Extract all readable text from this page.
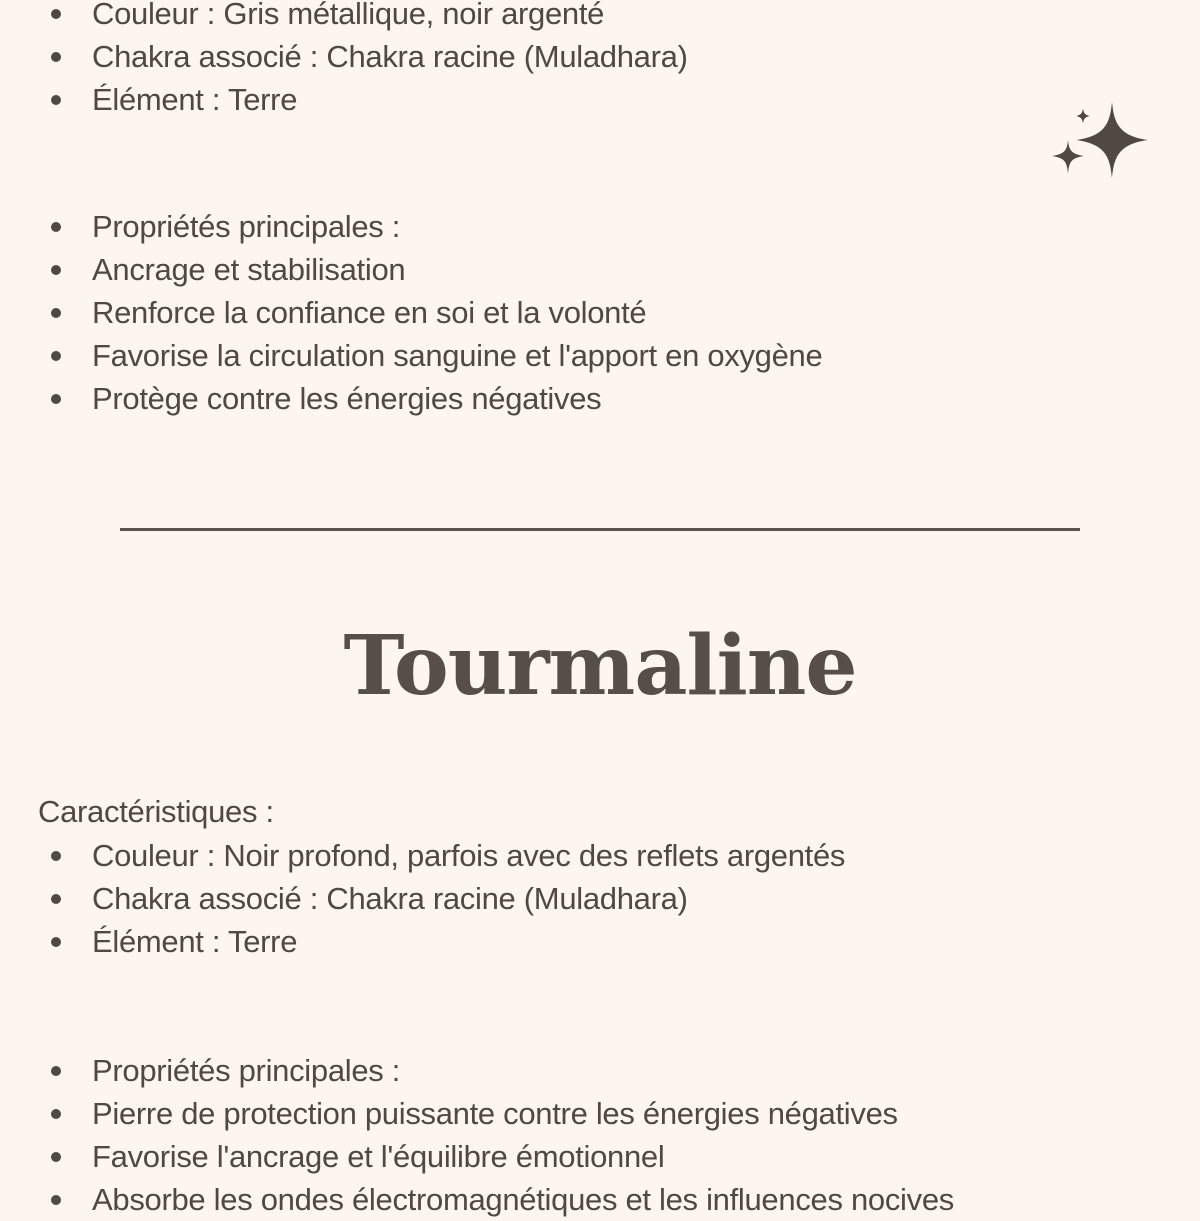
Couleur : Gris métallique, noir argenté
Chakra associé : Chakra racine (Muladhara)
Élément : Terre
Propriétés principales :
Ancrage et stabilisation
Renforce la confiance en soi et la volonté
Favorise la circulation sanguine et l'apport en oxygène
Protège contre les énergies négatives
Tourmaline
Caractéristiques :
Couleur : Noir profond, parfois avec des reflets argentés
Chakra associé : Chakra racine (Muladhara)
Élément : Terre
Propriétés principales :
Pierre de protection puissante contre les énergies négatives
Favorise l'ancrage et l'équilibre émotionnel
Absorbe les ondes électromagnétiques et les influences nocives
